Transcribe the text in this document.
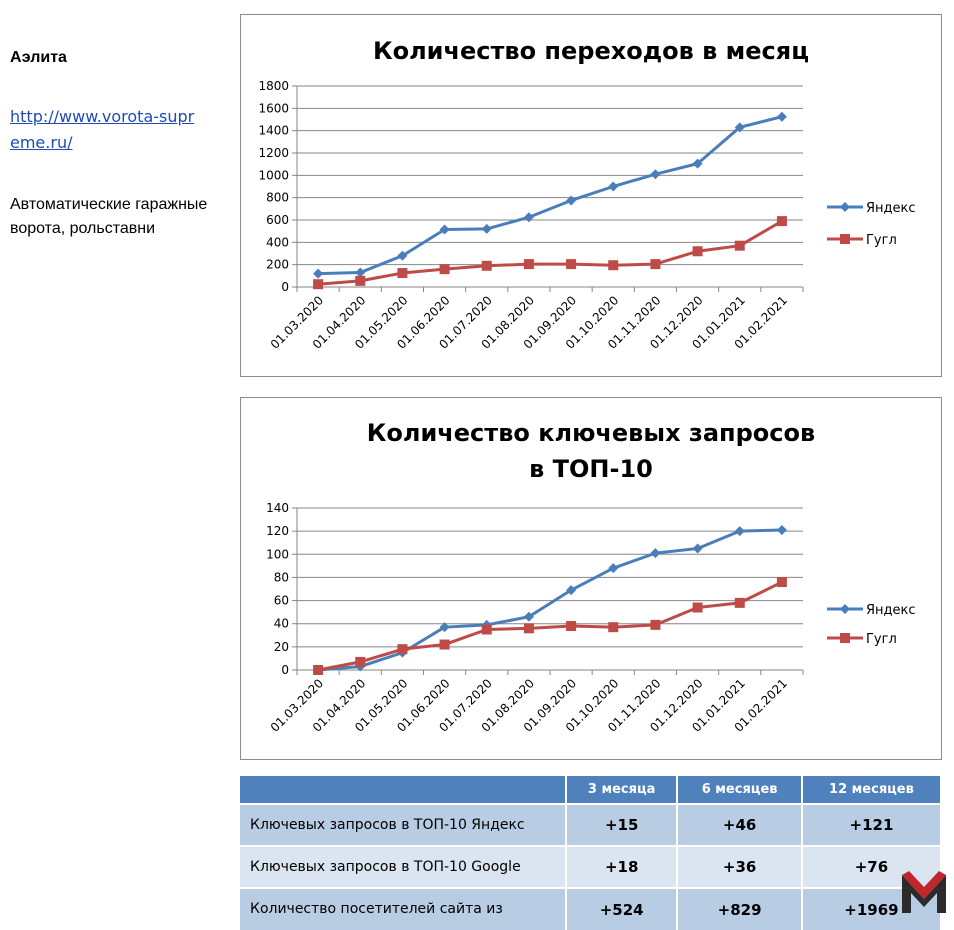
Аэлита
http://www.vorota-supreme.ru/
Автоматические гаражные ворота, рольставни
Количество переходов в месяц
0
200
400
600
800
1000
1200
1400
1600
1800
01.03.2020
01.04.2020
01.05.2020
01.06.2020
01.07.2020
01.08.2020
01.09.2020
01.10.2020
01.11.2020
01.12.2020
01.01.2021
01.02.2021
Яндекс
Гугл
Количество ключевых запросов
в ТОП-10
0
20
40
60
80
100
120
140
01.03.2020
01.04.2020
01.05.2020
01.06.2020
01.07.2020
01.08.2020
01.09.2020
01.10.2020
01.11.2020
01.12.2020
01.01.2021
01.02.2021
Яндекс
Гугл
	3 месяца	6 месяцев	12 месяцев
Ключевых запросов в ТОП-10 Яндекс	+15	+46	+121
Ключевых запросов в ТОП-10 Google	+18	+36	+76
Количество посетителей сайта из	+524	+829	+1969
